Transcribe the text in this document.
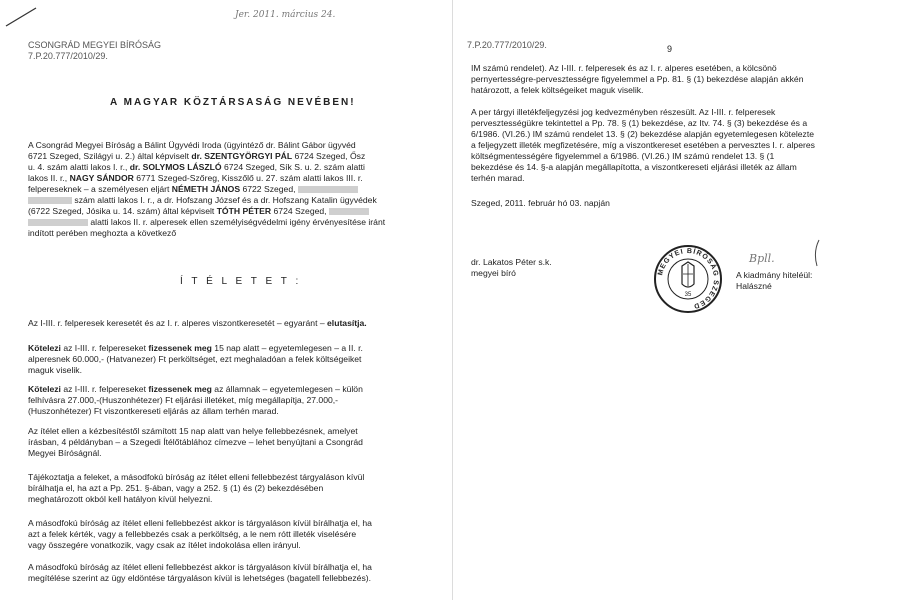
Jer. 2011. március 24.
CSONGRÁD MEGYEI BÍRÓSÁG
7.P.20.777/2010/29.
A MAGYAR KÖZTÁRSASÁG NEVÉBEN!
A Csongrád Megyei Bíróság a Bálint Ügyvédi Iroda (ügyintéző dr. Bálint Gábor ügyvéd
6721 Szeged, Szilágyi u. 2.) által képviselt dr. SZENTGYÖRGYI PÁL 6724 Szeged, Ősz
u. 4. szám alatti lakos I. r., dr. SOLYMOS LÁSZLÓ 6724 Szeged, Sík S. u. 2. szám alatti
lakos II. r., NAGY SÁNDOR 6771 Szeged-Szőreg, Kisszőlő u. 27. szám alatti lakos III. r.
felpereseknek – a személyesen eljárt NÉMETH JÁNOS 6722 Szeged,
szám alatti lakos I. r., a dr. Hofszang József és a dr. Hofszang Katalin ügyvédek
(6722 Szeged, Jósika u. 14. szám) által képviselt TÓTH PÉTER 6724 Szeged,
alatti lakos II. r. alperesek ellen személyiségvédelmi igény érvényesítése iránt
indított perében meghozta a következő
Í T É L E T E T :
Az I-III. r. felperesek keresetét és az I. r. alperes viszontkeresetét – egyaránt – elutasítja.
Kötelezi az I-III. r. felpereseket fizessenek meg 15 nap alatt – egyetemlegesen – a II. r.
alperesnek 60.000,- (Hatvanezer) Ft perköltséget, ezt meghaladóan a felek költségeiket
maguk viselik.
Kötelezi az I-III. r. felpereseket fizessenek meg az államnak – egyetemlegesen – külön
felhívásra 27.000,-(Huszonhétezer) Ft eljárási illetéket, míg megállapítja, 27.000,-
(Huszonhétezer) Ft viszontkereseti eljárás az állam terhén marad.
Az ítélet ellen a kézbesítéstől számított 15 nap alatt van helye fellebbezésnek, amelyet
írásban, 4 példányban – a Szegedi Ítélőtáblához címezve – lehet benyújtani a Csongrád
Megyei Bíróságnál.
Tájékoztatja a feleket, a másodfokú bíróság az ítélet elleni fellebbezést tárgyaláson kívül
bírálhatja el, ha azt a Pp. 251. §-ában, vagy a 252. § (1) és (2) bekezdésében
meghatározott okból kell hatályon kívül helyezni.
A másodfokú bíróság az ítélet elleni fellebbezést akkor is tárgyaláson kívül bírálhatja el, ha
azt a felek kérték, vagy a fellebbezés csak a perköltség, a le nem rótt illeték viselésére
vagy összegére vonatkozik, vagy csak az ítélet indokolása ellen irányul.
A másodfokú bíróság az ítélet elleni fellebbezést akkor is tárgyaláson kívül bírálhatja el, ha
megítélése szerint az ügy eldöntése tárgyaláson kívül is lehetséges (bagatell fellebbezés).
7.P.20.777/2010/29.	9
IM számú rendelet). Az I-III. r. felperesek és az I. r. alperes esetében, a kölcsönö
pernyertességre-pervesztességre figyelemmel a Pp. 81. § (1) bekezdése alapján akkén
határozott, a felek költségeiket maguk viselik.
A per tárgyi illetékfeljegyzési jog kedvezményben részesült. Az I-III. r. felperesek
pervesztességükre tekintettel a Pp. 78. § (1) bekezdése, az Itv. 74. § (3) bekezdése és a
6/1986. (VI.26.) IM számú rendelet 13. § (2) bekezdése alapján egyetemlegesen kötelezte
a feljegyzett illeték megfizetésére, míg a viszontkereset esetében a pervesztes I. r. alperes
költségmentességére figyelemmel a 6/1986. (VI.26.) IM számú rendelet 13. § (1
bekezdése és 14. §-a alapján megállapította, a viszontkereseti eljárási illeték az állam
terhén marad.
Szeged, 2011. február hó 03. napján
dr. Lakatos Péter s.k.
megyei bíró	MEGYEI BÍRÓSÁG SZEGED
35
Bpll.
A kiadmány hiteléül:
Halászné
